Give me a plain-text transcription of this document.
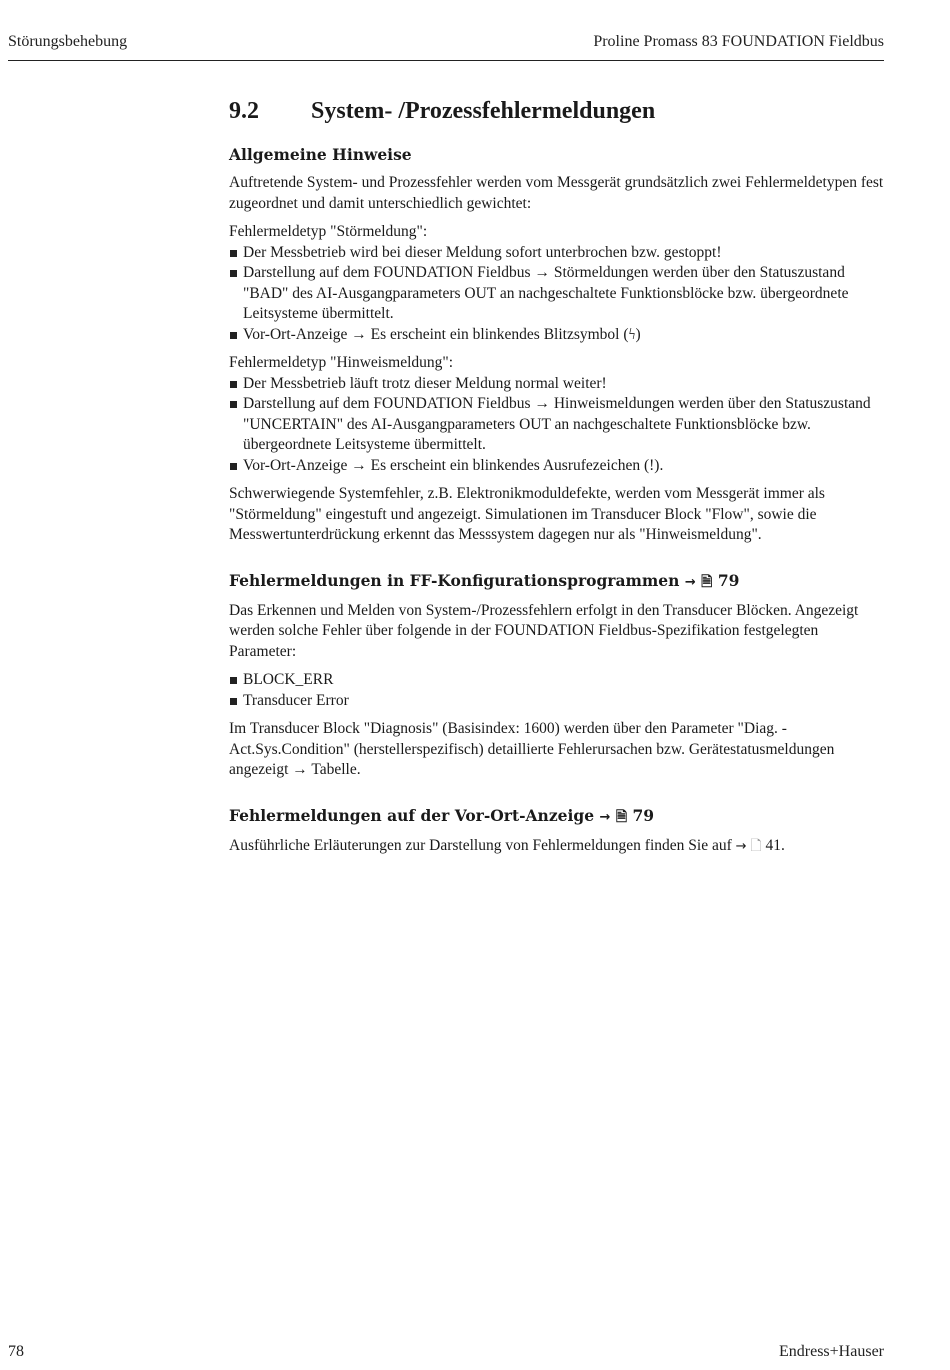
Störungsbehebung	Proline Promass 83 FOUNDATION Fieldbus
9.2	System- /Prozessfehlermeldungen
Allgemeine Hinweise

Auftretende System- und Prozessfehler werden vom Messgerät grundsätzlich zwei Fehlermeldetypen fest zugeordnet und damit unterschiedlich gewichtet:

Fehlermeldetyp "Störmeldung":
Der Messbetrieb wird bei dieser Meldung sofort unterbrochen bzw. gestoppt!
Darstellung auf dem FOUNDATION Fieldbus → Störmeldungen werden über den Statuszustand "BAD" des AI-Ausgangparameters OUT an nachgeschaltete Funktionsblöcke bzw. übergeordnete Leitsysteme übermittelt.
Vor-Ort-Anzeige → Es erscheint ein blinkendes Blitzsymbol (ϟ)
Fehlermeldetyp "Hinweismeldung":
Der Messbetrieb läuft trotz dieser Meldung normal weiter!
Darstellung auf dem FOUNDATION Fieldbus → Hinweismeldungen werden über den Statuszustand "UNCERTAIN" des AI-Ausgangparameters OUT an nachgeschaltete Funktionsblöcke bzw. übergeordnete Leitsysteme übermittelt.
Vor-Ort-Anzeige → Es erscheint ein blinkendes Ausrufezeichen (!).

Schwerwiegende Systemfehler, z.B. Elektronikmoduldefekte, werden vom Messgerät immer als "Störmeldung" eingestuft und angezeigt. Simulationen im Transducer Block "Flow", sowie die Messwertunterdrückung erkennt das Messsystem dagegen nur als "Hinweismeldung".

Fehlermeldungen in FF-Konfigurationsprogrammen → 🗎 79

Das Erkennen und Melden von System-/Prozessfehlern erfolgt in den Transducer Blöcken. Angezeigt werden solche Fehler über folgende in der FOUNDATION Fieldbus-Spezifikation festgelegten Parameter:

BLOCK_ERR
Transducer Error

Im Transducer Block "Diagnosis" (Basisindex: 1600) werden über den Parameter "Diag. - Act.Sys.Condition" (herstellerspezifisch) detaillierte Fehlerursachen bzw. Gerätestatusmeldungen angezeigt → Tabelle.

Fehlermeldungen auf der Vor-Ort-Anzeige → 🗎 79

Ausführliche Erläuterungen zur Darstellung von Fehlermeldungen finden Sie auf → 🗋 41.

78	Endress+Hauser
